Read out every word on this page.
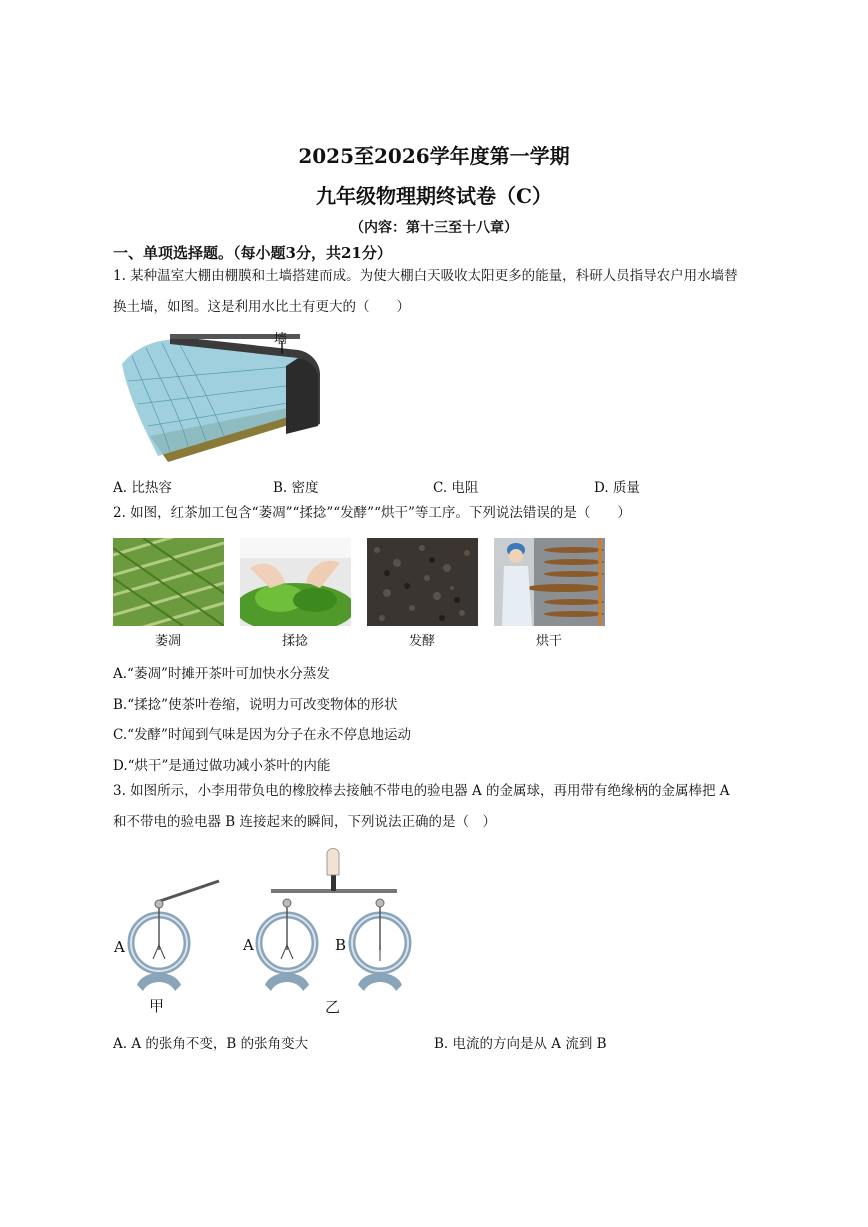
2025至2026学年度第一学期
九年级物理期终试卷（C）
（内容：第十三至十八章）
一、单项选择题。（每小题3分，共21分）
1. 某种温室大棚由棚膜和土墙搭建而成。为使大棚白天吸收太阳更多的能量，科研人员指导农户用水墙替
换土墙，如图。这是利用水比土有更大的（　　）
墙
A. 比热容	B. 密度	C. 电阻	D. 质量
2. 如图，红茶加工包含“萎凋”“揉捻”“发酵”“烘干”等工序。下列说法错误的是（　　）
萎凋	揉捻	发酵	烘干
A.“萎凋”时摊开茶叶可加快水分蒸发
B.“揉捻”使茶叶卷缩，说明力可改变物体的形状
C.“发酵”时闻到气味是因为分子在永不停息地运动
D.“烘干”是通过做功减小茶叶的内能
3. 如图所示，小李用带负电的橡胶棒去接触不带电的验电器 A 的金属球，再用带有绝缘柄的金属棒把 A
和不带电的验电器 B 连接起来的瞬间，下列说法正确的是（　）
A	A	B
甲	乙
A. A 的张角不变，B 的张角变大	B. 电流的方向是从 A 流到 B
